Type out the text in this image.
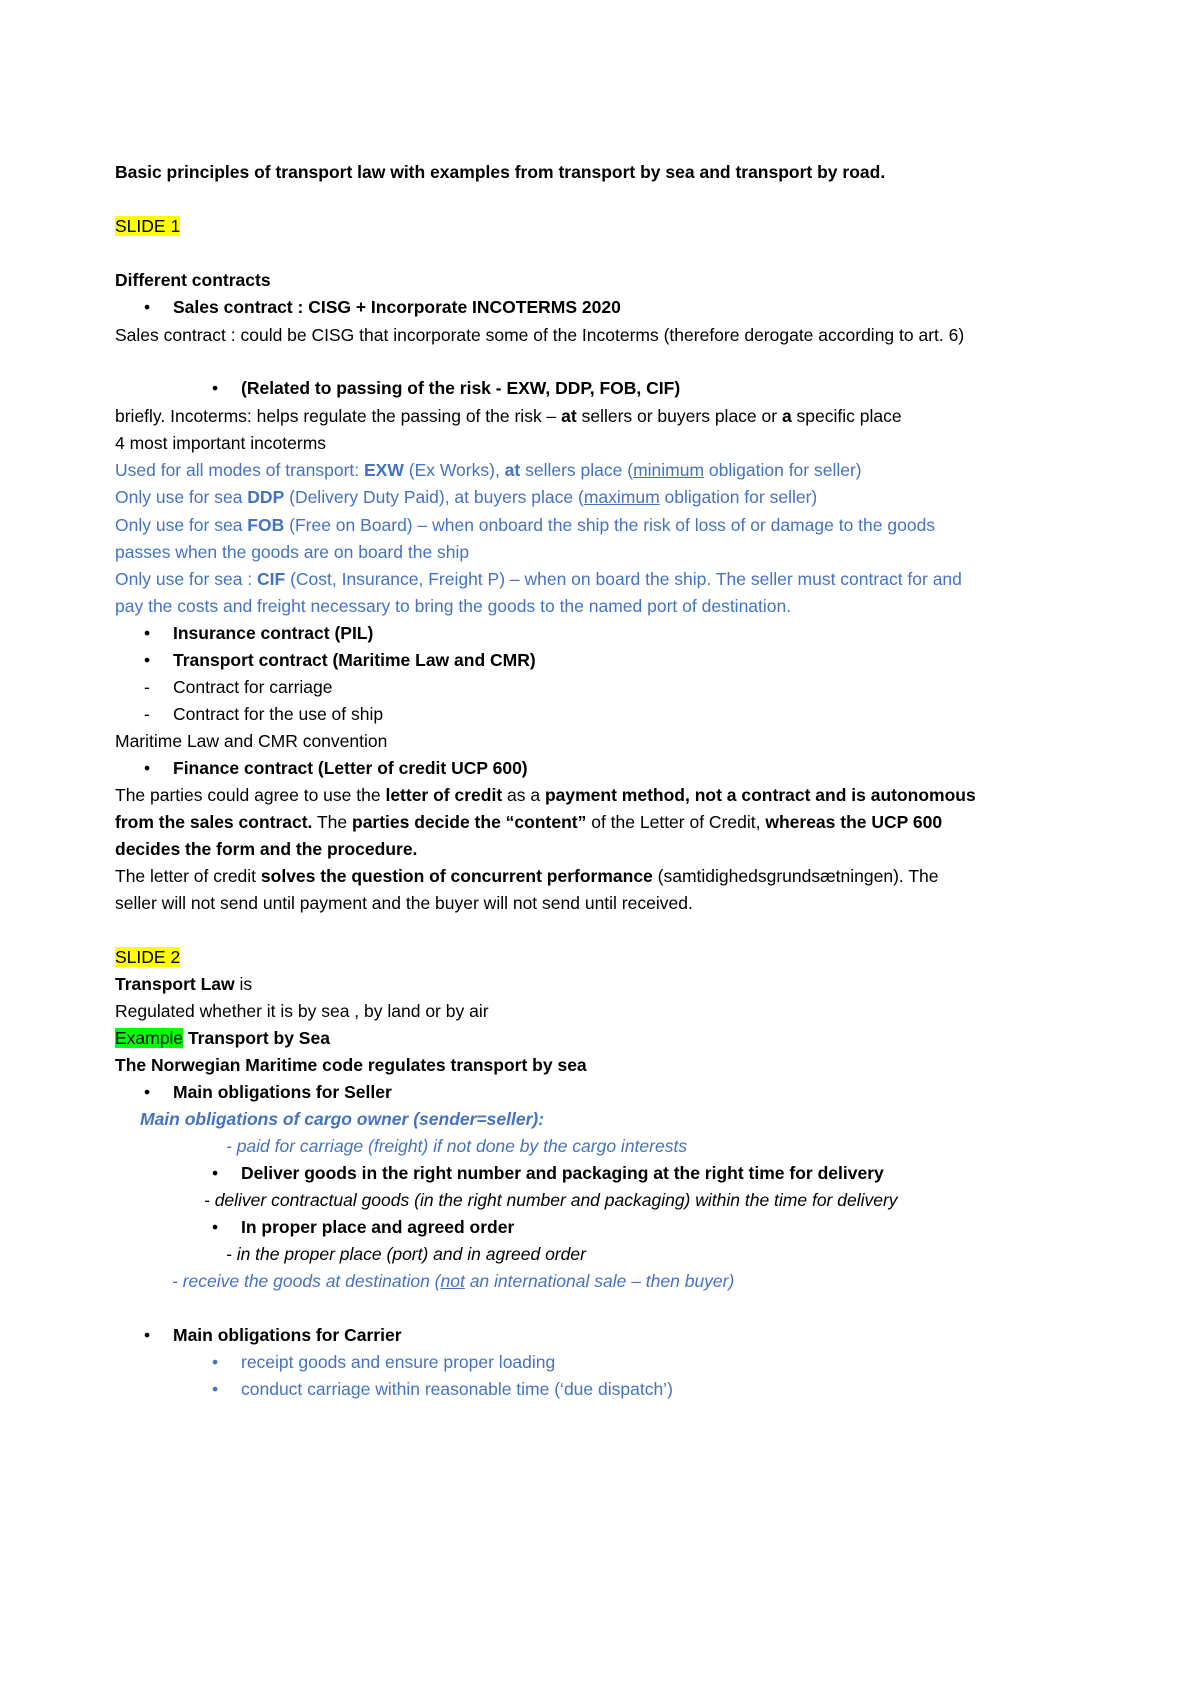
Basic principles of transport law with examples from transport by sea and transport by road.
SLIDE 1
Different contracts
•
Sales contract : CISG + Incorporate INCOTERMS 2020
Sales contract : could be CISG that incorporate some of the Incoterms (therefore derogate according to art. 6)
•
(Related to passing of the risk - EXW, DDP, FOB, CIF)
briefly. Incoterms: helps regulate the passing of the risk – at sellers or buyers place or a specific place
4 most important incoterms
Used for all modes of transport: EXW (Ex Works), at sellers place (minimum obligation for seller)
Only use for sea DDP (Delivery Duty Paid), at buyers place (maximum obligation for seller)
Only use for sea FOB (Free on Board) – when onboard the ship the risk of loss of or damage to the goods
passes when the goods are on board the ship
Only use for sea : CIF (Cost, Insurance, Freight P) – when on board the ship. The seller must contract for and
pay the costs and freight necessary to bring the goods to the named port of destination.
•
Insurance contract (PIL)
•
Transport contract (Maritime Law and CMR)
-
Contract for carriage
-
Contract for the use of ship
Maritime Law and CMR convention
•
Finance contract (Letter of credit UCP 600)
The parties could agree to use the letter of credit as a payment method, not a contract and is autonomous
from the sales contract. The parties decide the “content” of the Letter of Credit, whereas the UCP 600
decides the form and the procedure.
The letter of credit solves the question of concurrent performance (samtidighedsgrundsætningen). The
seller will not send until payment and the buyer will not send until received.
SLIDE 2
Transport Law is
Regulated whether it is by sea , by land or by air
Example Transport by Sea
The Norwegian Maritime code regulates transport by sea
•
Main obligations for Seller
Main obligations of cargo owner (sender=seller):
- paid for carriage (freight) if not done by the cargo interests
•
Deliver goods in the right number and packaging at the right time for delivery
- deliver contractual goods (in the right number and packaging) within the time for delivery
•
In proper place and agreed order
- in the proper place (port) and in agreed order
- receive the goods at destination (not an international sale – then buyer)
•
Main obligations for Carrier
•
receipt goods and ensure proper loading
•
conduct carriage within reasonable time (‘due dispatch’)
